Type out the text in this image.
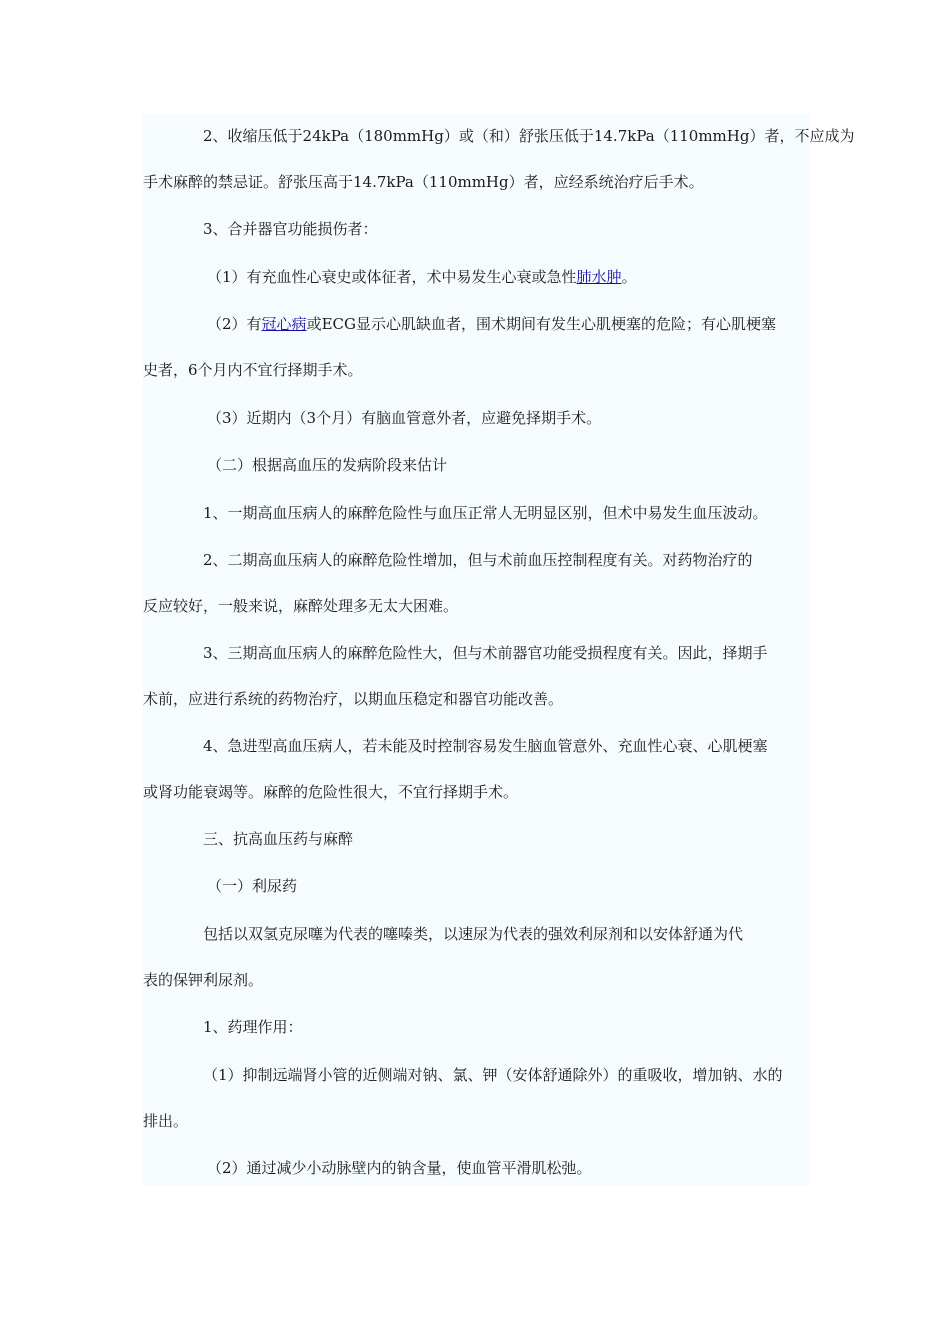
2、收缩压低于24kPa（180mmHg）或（和）舒张压低于14.7kPa（110mmHg）者，不应成为
手术麻醉的禁忌证。舒张压高于14.7kPa（110mmHg）者，应经系统治疗后手术。

3、合并器官功能损伤者：

（1）有充血性心衰史或体征者，术中易发生心衰或急性肺水肿。

（2）有冠心病或ECG显示心肌缺血者，围术期间有发生心肌梗塞的危险；有心肌梗塞
史者，6个月内不宜行择期手术。

（3）近期内（3个月）有脑血管意外者，应避免择期手术。

（二）根据高血压的发病阶段来估计

1、一期高血压病人的麻醉危险性与血压正常人无明显区别，但术中易发生血压波动。

2、二期高血压病人的麻醉危险性增加，但与术前血压控制程度有关。对药物治疗的
反应较好，一般来说，麻醉处理多无太大困难。

3、三期高血压病人的麻醉危险性大，但与术前器官功能受损程度有关。因此，择期手
术前，应进行系统的药物治疗，以期血压稳定和器官功能改善。

4、急进型高血压病人，若未能及时控制容易发生脑血管意外、充血性心衰、心肌梗塞
或肾功能衰竭等。麻醉的危险性很大，不宜行择期手术。

三、抗高血压药与麻醉

（一）利尿药

包括以双氢克尿噻为代表的噻嗪类，以速尿为代表的强效利尿剂和以安体舒通为代
表的保钾利尿剂。

1、药理作用：

（1）抑制远端肾小管的近侧端对钠、氯、钾（安体舒通除外）的重吸收，增加钠、水的
排出。

（2）通过减少小动脉壁内的钠含量，使血管平滑肌松弛。
